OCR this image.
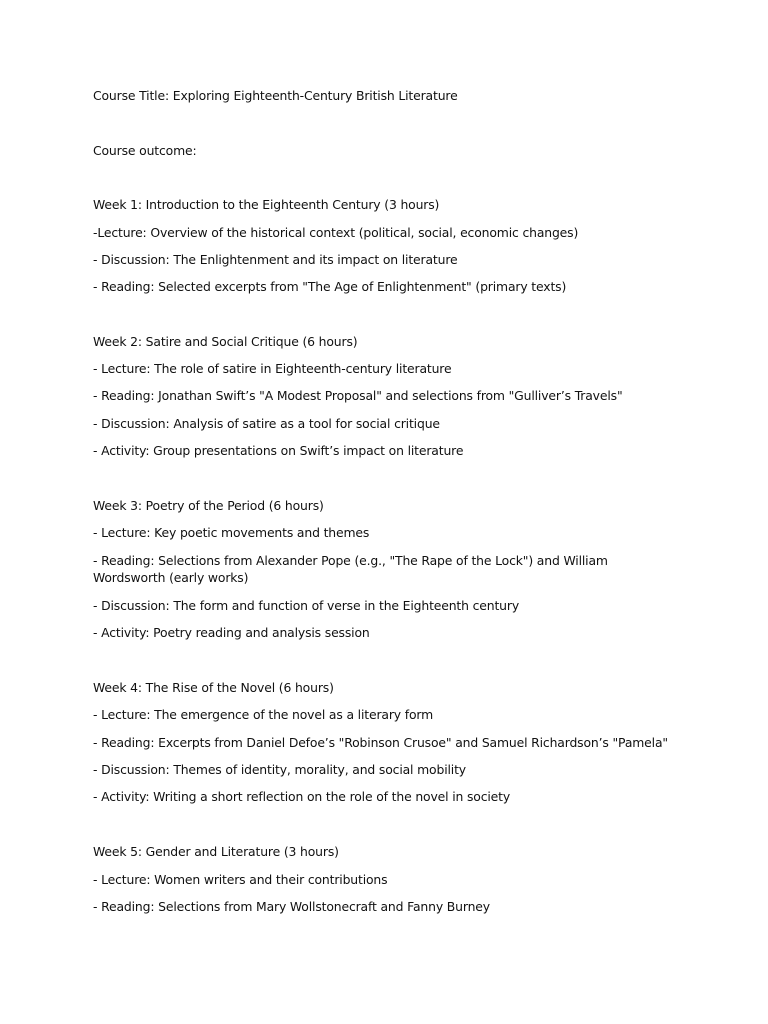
Course Title: Exploring Eighteenth-Century British Literature

Course outcome:

Week 1: Introduction to the Eighteenth Century (3 hours)

-Lecture: Overview of the historical context (political, social, economic changes)

- Discussion: The Enlightenment and its impact on literature

- Reading: Selected excerpts from "The Age of Enlightenment" (primary texts)

Week 2: Satire and Social Critique (6 hours)

- Lecture: The role of satire in Eighteenth-century literature

- Reading: Jonathan Swift’s "A Modest Proposal" and selections from "Gulliver’s Travels"

- Discussion: Analysis of satire as a tool for social critique

- Activity: Group presentations on Swift’s impact on literature

Week 3: Poetry of the Period (6 hours)

- Lecture: Key poetic movements and themes

- Reading: Selections from Alexander Pope (e.g., "The Rape of the Lock") and William Wordsworth (early works)

- Discussion: The form and function of verse in the Eighteenth century

- Activity: Poetry reading and analysis session

Week 4: The Rise of the Novel (6 hours)

- Lecture: The emergence of the novel as a literary form

- Reading: Excerpts from Daniel Defoe’s "Robinson Crusoe" and Samuel Richardson’s "Pamela"

- Discussion: Themes of identity, morality, and social mobility

- Activity: Writing a short reflection on the role of the novel in society

Week 5: Gender and Literature (3 hours)

- Lecture: Women writers and their contributions

- Reading: Selections from Mary Wollstonecraft and Fanny Burney
